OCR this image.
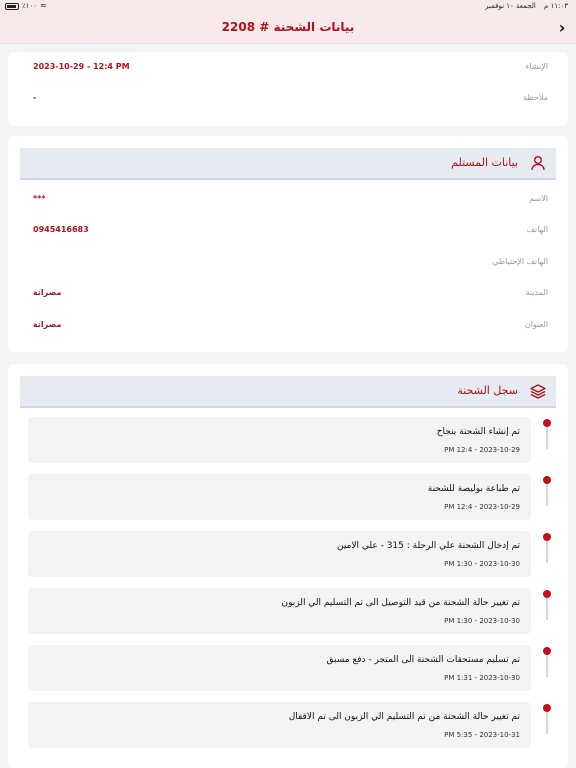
٪١٠٠ ≈	١١:٠٣ م الجمعة ١٠ نوفمبر
بيانات الشحنة # 2208	›
الإنشاء
2023-10-29 - 12:4 PM
ملاحظة
-
بيانات المستلم
الاسم
***
الهاتف
0945416683
الهاتف الإحتياطي
المدينة
مصراتة
العنوان
مصراتة
سجل الشحنة
تم إنشاء الشحنة بنجاح
2023-10-29 - 12:4 PM
تم طباعة بوليصة للشحنة
2023-10-29 - 12:4 PM
تم إدخال الشحنة علي الرحلة : 315 - علي الامين
2023-10-30 - 1:30 PM
تم تغيير حالة الشحنة من قيد التوصيل الى تم التسليم الي الزبون
2023-10-30 - 1:30 PM
تم تسليم مستحقات الشحنة الى المتجر - دفع مسبق
2023-10-30 - 1:31 PM
تم تغيير حالة الشحنة من تم التسليم الي الزبون الى تم الاقفال
2023-10-31 - 5:35 PM
